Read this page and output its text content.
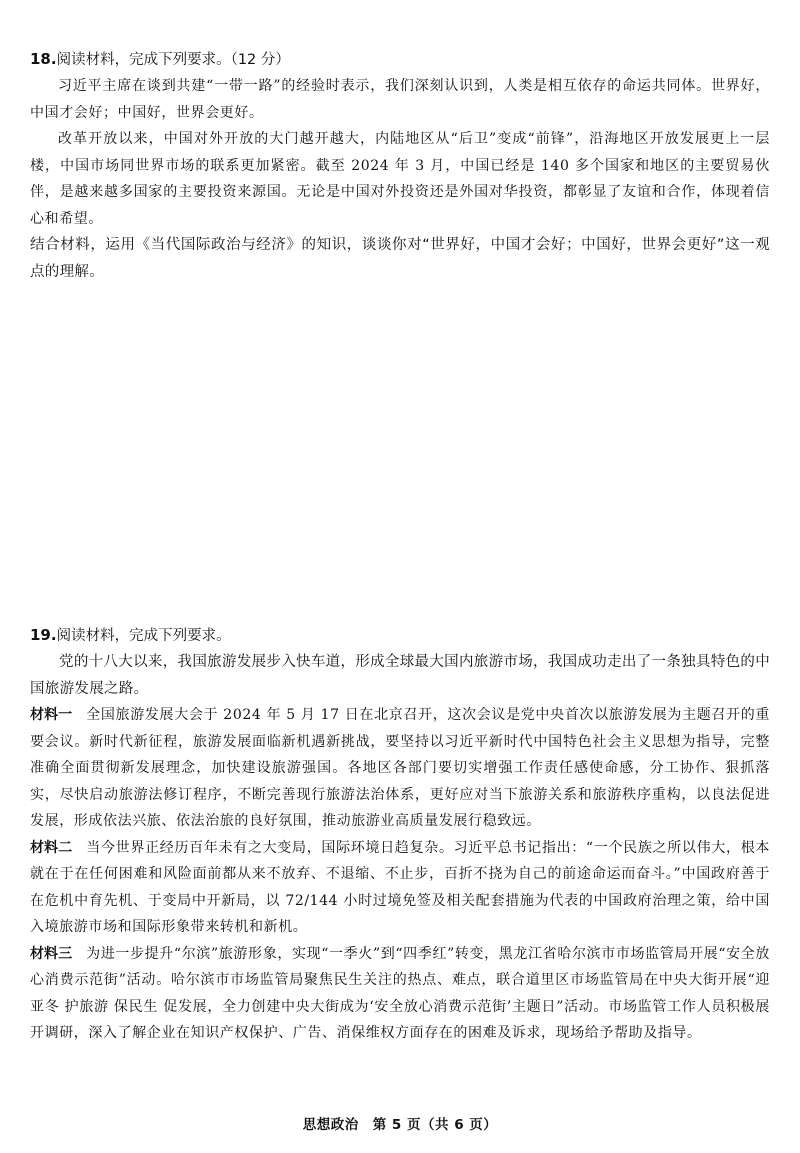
18.阅读材料，完成下列要求。（12 分）

习近平主席在谈到共建“一带一路”的经验时表示，我们深刻认识到，人类是相互依存的命运共同体。世界好，中国才会好；中国好，世界会更好。

改革开放以来，中国对外开放的大门越开越大，内陆地区从“后卫”变成“前锋”，沿海地区开放发展更上一层楼，中国市场同世界市场的联系更加紧密。截至 2024 年 3 月，中国已经是 140 多个国家和地区的主要贸易伙伴，是越来越多国家的主要投资来源国。无论是中国对外投资还是外国对华投资，都彰显了友谊和合作，体现着信心和希望。

结合材料，运用《当代国际政治与经济》的知识，谈谈你对“世界好，中国才会好；中国好，世界会更好”这一观点的理解。

19.阅读材料，完成下列要求。

党的十八大以来，我国旅游发展步入快车道，形成全球最大国内旅游市场，我国成功走出了一条独具特色的中国旅游发展之路。

材料一 全国旅游发展大会于 2024 年 5 月 17 日在北京召开，这次会议是党中央首次以旅游发展为主题召开的重要会议。新时代新征程，旅游发展面临新机遇新挑战，要坚持以习近平新时代中国特色社会主义思想为指导，完整准确全面贯彻新发展理念，加快建设旅游强国。各地区各部门要切实增强工作责任感使命感，分工协作、狠抓落实，尽快启动旅游法修订程序，不断完善现行旅游法治体系，更好应对当下旅游关系和旅游秩序重构，以良法促进发展，形成依法兴旅、依法治旅的良好氛围，推动旅游业高质量发展行稳致远。

材料二 当今世界正经历百年未有之大变局，国际环境日趋复杂。习近平总书记指出：“一个民族之所以伟大，根本就在于在任何困难和风险面前都从来不放弃、不退缩、不止步，百折不挠为自己的前途命运而奋斗。”中国政府善于在危机中育先机、于变局中开新局，以 72/144 小时过境免签及相关配套措施为代表的中国政府治理之策，给中国入境旅游市场和国际形象带来转机和新机。

材料三 为进一步提升“尔滨”旅游形象，实现“一季火”到“四季红”转变，黑龙江省哈尔滨市市场监管局开展“安全放心消费示范街”活动。哈尔滨市市场监管局聚焦民生关注的热点、难点，联合道里区市场监管局在中央大街开展“迎亚冬 护旅游 保民生 促发展，全力创建中央大街成为‘安全放心消费示范街’主题日”活动。市场监管工作人员积极展开调研，深入了解企业在知识产权保护、广告、消保维权方面存在的困难及诉求，现场给予帮助及指导。

思想政治 第 5 页（共 6 页）
